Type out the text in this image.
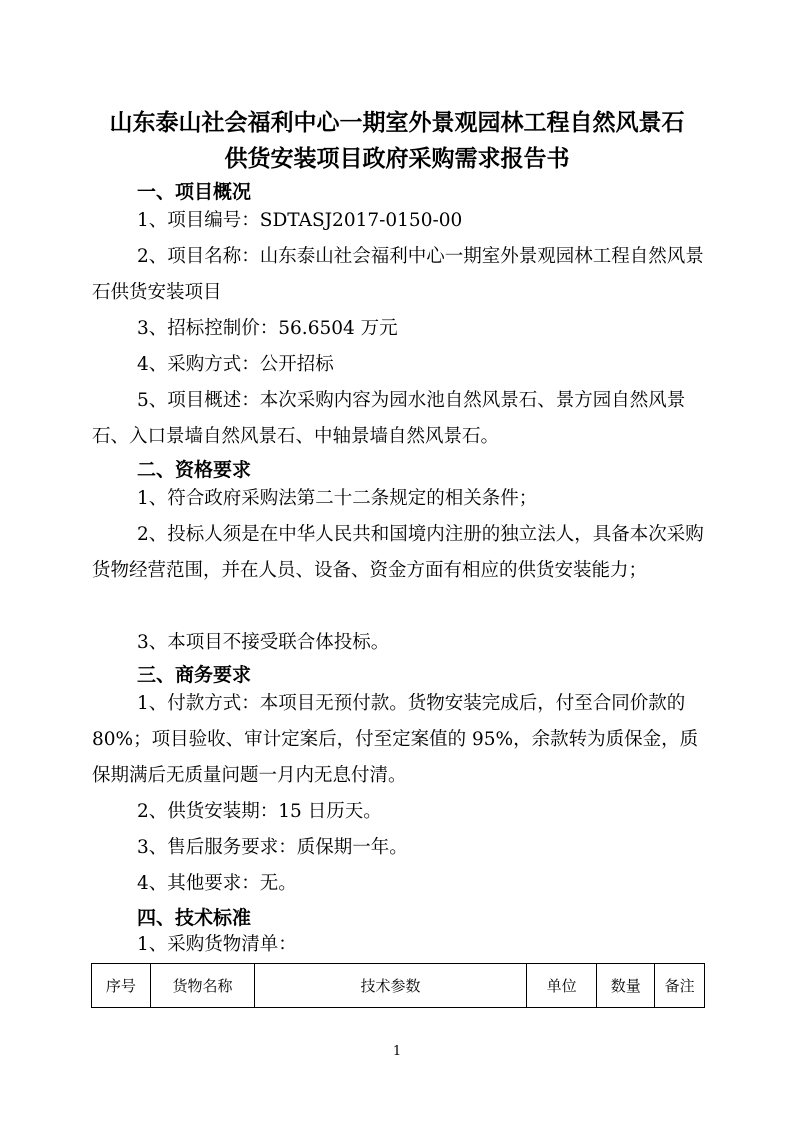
山东泰山社会福利中心一期室外景观园林工程自然风景石
供货安装项目政府采购需求报告书
一、项目概况
1、项目编号：SDTASJ2017-0150-00
2、项目名称：山东泰山社会福利中心一期室外景观园林工程自然风景石供货安装项目
3、招标控制价：56.6504 万元
4、采购方式：公开招标
5、项目概述：本次采购内容为园水池自然风景石、景方园自然风景石、入口景墙自然风景石、中轴景墙自然风景石。
二、资格要求
1、符合政府采购法第二十二条规定的相关条件；
2、投标人须是在中华人民共和国境内注册的独立法人，具备本次采购货物经营范围，并在人员、设备、资金方面有相应的供货安装能力；
3、本项目不接受联合体投标。
三、商务要求
1、付款方式：本项目无预付款。货物安装完成后，付至合同价款的 80%；项目验收、审计定案后，付至定案值的 95%，余款转为质保金，质保期满后无质量问题一月内无息付清。
2、供货安装期：15 日历天。
3、售后服务要求：质保期一年。
4、其他要求：无。
四、技术标准
1、采购货物清单：
序号	货物名称	技术参数	单位	数量	备注
1
